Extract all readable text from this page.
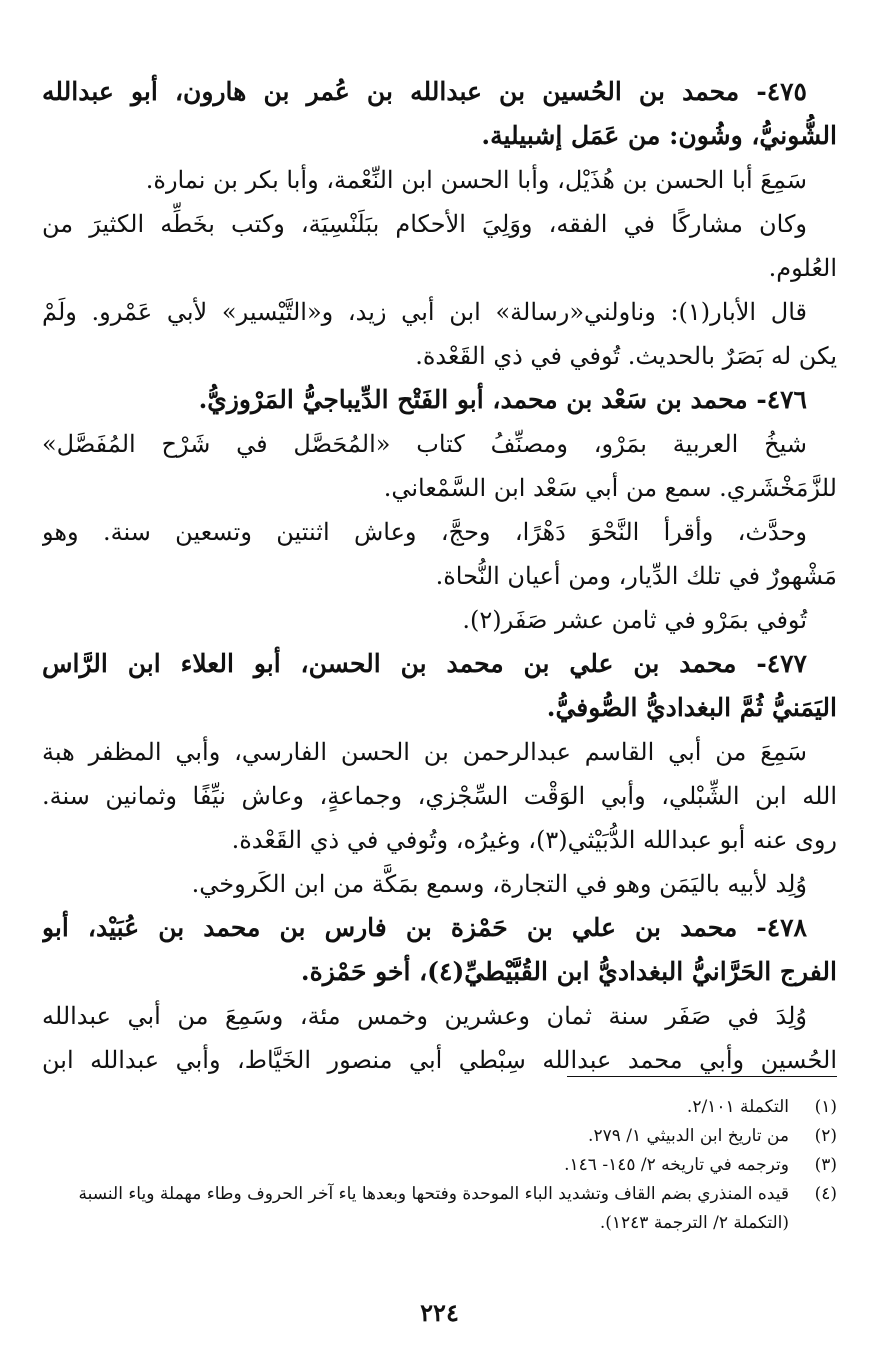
٤٧٥- محمد بن الحُسين بن عبدالله بن عُمر بن هارون، أبو عبدالله
الشُّونيُّ، وشُون: من عَمَل إشبيلية.
سَمِعَ أبا الحسن بن هُذَيْل، وأبا الحسن ابن النِّعْمة، وأبا بكر بن نمارة.
وكان مشاركًا في الفقه، ووَلِيَ الأحكام ببَلَنْسِيَة، وكتب بخَطِّه الكثيرَ من
العُلوم.
قال الأبار(١): وناولني«رسالة» ابن أبي زيد، و«التَّيْسير» لأبي عَمْرو. ولَمْ
يكن له بَصَرٌ بالحديث. تُوفي في ذي القَعْدة.
٤٧٦- محمد بن سَعْد بن محمد، أبو الفَتْح الدِّيباجيُّ المَرْوزيُّ.
شيخُ العربية بمَرْو، ومصنِّفُ كتاب «المُحَصَّل في شَرْح المُفَصَّل»
للزَّمَخْشَري. سمع من أبي سَعْد ابن السَّمْعاني.
وحدَّث، وأقرأ النَّحْوَ دَهْرًا، وحجَّ، وعاش اثنتين وتسعين سنة. وهو
مَشْهورٌ في تلك الدِّيار، ومن أعيان النُّحاة.
تُوفي بمَرْو في ثامن عشر صَفَر(٢).
٤٧٧- محمد بن علي بن محمد بن الحسن، أبو العلاء ابن الرَّاس
اليَمَنيُّ ثُمَّ البغداديُّ الصُّوفيُّ.
سَمِعَ من أبي القاسم عبدالرحمن بن الحسن الفارسي، وأبي المظفر هبة
الله ابن الشِّبْلي، وأبي الوَقْت السِّجْزي، وجماعةٍ، وعاش نيِّفًا وثمانين سنة.
روى عنه أبو عبدالله الدُّبَيْثي(٣)، وغيرُه، وتُوفي في ذي القَعْدة.
وُلِد لأبيه باليَمَن وهو في التجارة، وسمع بمَكَّة من ابن الكَروخي.
٤٧٨- محمد بن علي بن حَمْزة بن فارس بن محمد بن عُبَيْد، أبو
الفرج الحَرَّانيُّ البغداديُّ ابن القُبَّيْطيِّ(٤)، أخو حَمْزة.
وُلِدَ في صَفَر سنة ثمان وعشرين وخمس مئة، وسَمِعَ من أبي عبدالله
الحُسين وأبي محمد عبدالله سِبْطي أبي منصور الخَيَّاط، وأبي عبدالله ابن
(١)
التكملة ٢/١٠١.
(٢)
من تاريخ ابن الدبيثي ١/ ٢٧٩.
(٣)
وترجمه في تاريخه ٢/ ١٤٥- ١٤٦.
(٤)
قيده المنذري بضم القاف وتشديد الباء الموحدة وفتحها وبعدها ياء آخر الحروف وطاء مهملة وياء النسبة (التكملة ٢/ الترجمة ١٢٤٣).
٢٢٤
